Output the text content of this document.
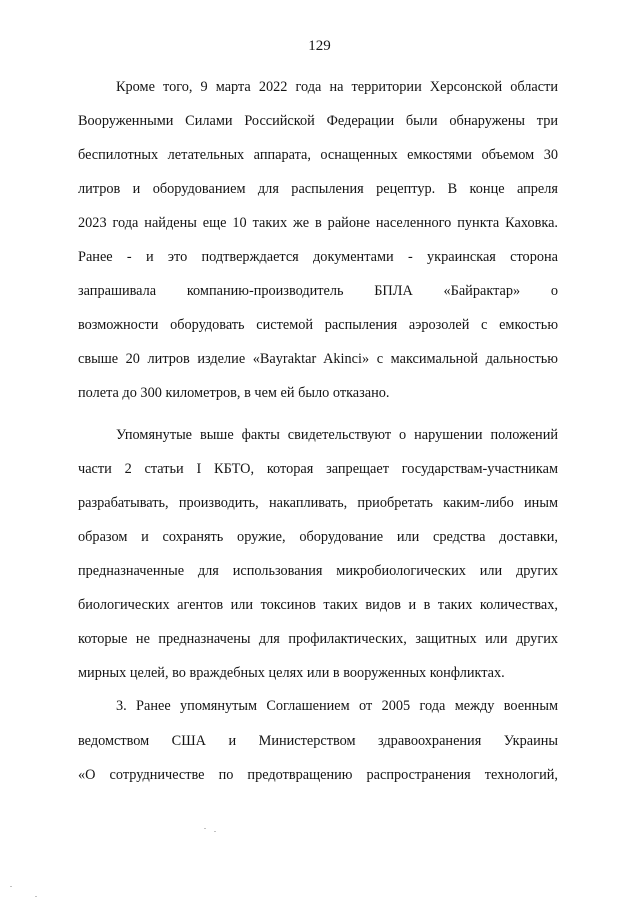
129
Кроме того, 9 марта 2022 года на территории Херсонской области
Вооруженными Силами Российской Федерации были обнаружены три
беспилотных летательных аппарата, оснащенных емкостями объемом 30
литров и оборудованием для распыления рецептур. В конце апреля
2023 года найдены еще 10 таких же в районе населенного пункта Каховка.
Ранее - и это подтверждается документами - украинская сторона
запрашивала компанию-производитель БПЛА «Байрактар» о
возможности оборудовать системой распыления аэрозолей с емкостью
свыше 20 литров изделие «Bayraktar Akinci» с максимальной дальностью
полета до 300 километров, в чем ей было отказано.
Упомянутые выше факты свидетельствуют о нарушении положений
части 2 статьи I КБТО, которая запрещает государствам-участникам
разрабатывать, производить, накапливать, приобретать каким-либо иным
образом и сохранять оружие, оборудование или средства доставки,
предназначенные для использования микробиологических или других
биологических агентов или токсинов таких видов и в таких количествах,
которые не предназначены для профилактических, защитных или других
мирных целей, во враждебных целях или в вооруженных конфликтах.
3. Ранее упомянутым Соглашением от 2005 года между военным
ведомством США и Министерством здравоохранения Украины
«О сотрудничестве по предотвращению распространения технологий,
